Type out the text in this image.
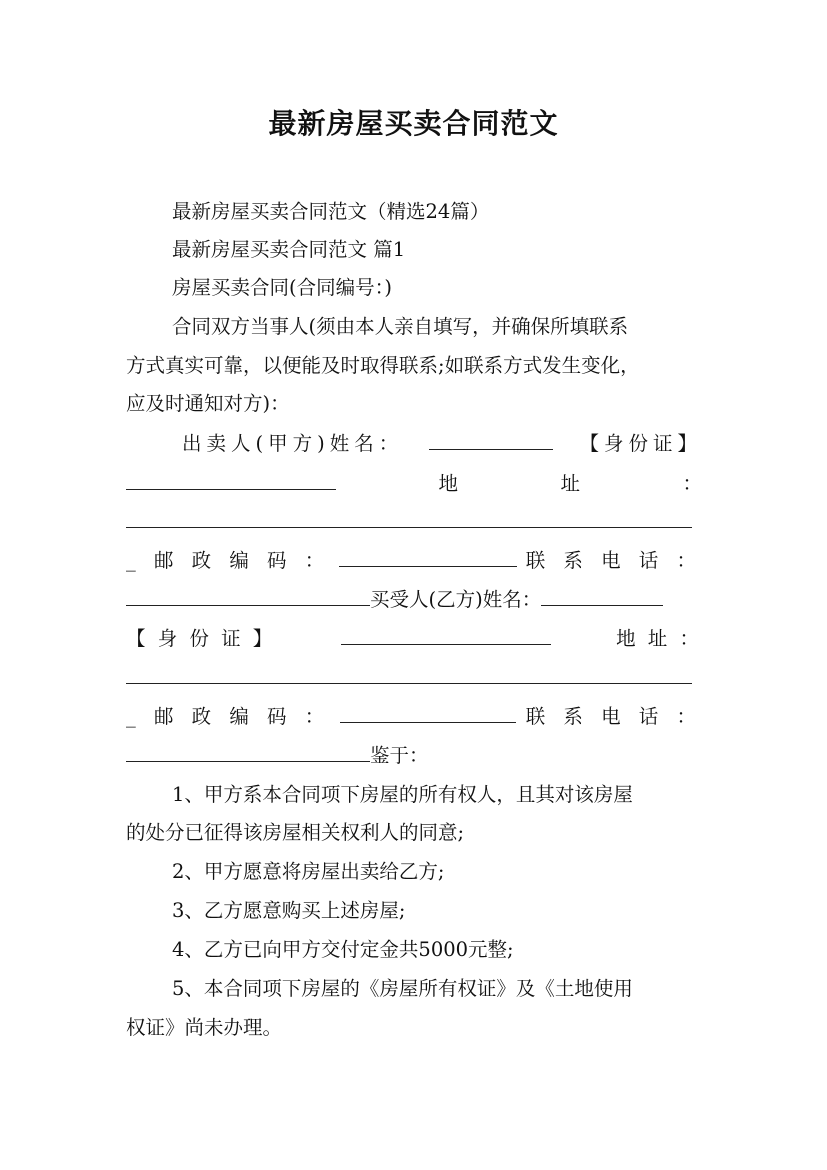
最新房屋买卖合同范文
最新房屋买卖合同范文（精选24篇）
最新房屋买卖合同范文 篇1
房屋买卖合同(合同编号：)
合同双方当事人(须由本人亲自填写，并确保所填联系
方式真实可靠，以便能及时取得联系;如联系方式发生变化，
应及时通知对方)：
出卖人(甲方)姓名：	【身份证】
地	址	：
_ 邮 政 编 码 ：	联 系 电 话 ：
买受人(乙方)姓名：
【 身 份 证 】	地 址 ：
_ 邮 政 编 码 ：	联 系 电 话 ：
鉴于：
1、甲方系本合同项下房屋的所有权人，且其对该房屋
的处分已征得该房屋相关权利人的同意;
2、甲方愿意将房屋出卖给乙方;
3、乙方愿意购买上述房屋;
4、乙方已向甲方交付定金共5000元整;
5、本合同项下房屋的《房屋所有权证》及《土地使用
权证》尚未办理。
